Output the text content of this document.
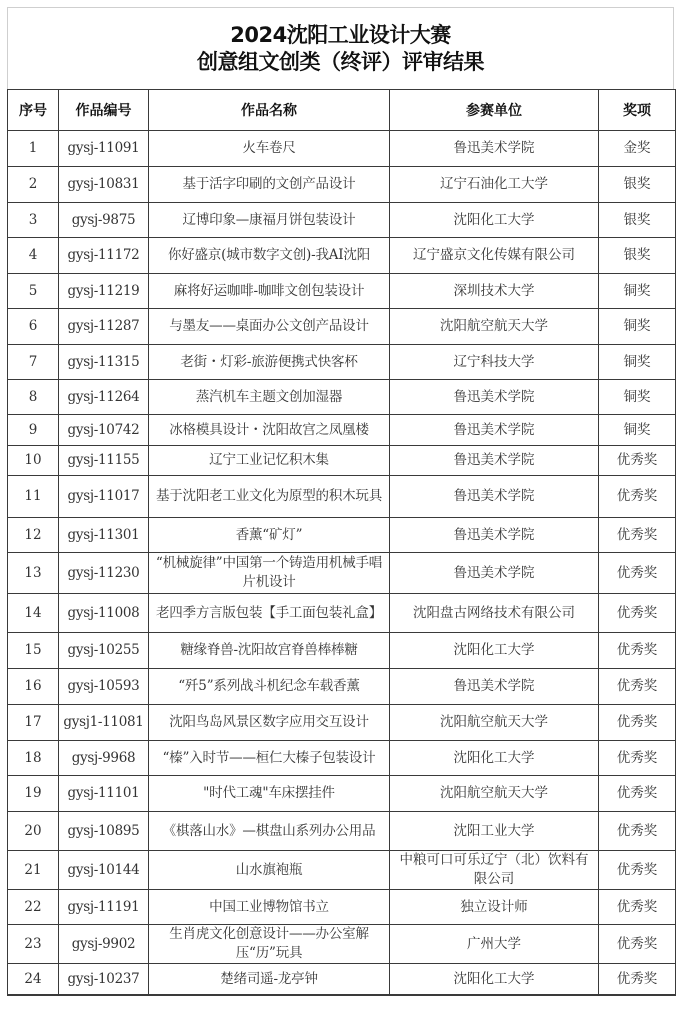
2024沈阳工业设计大赛
创意组文创类（终评）评审结果
序号	作品编号	作品名称	参赛单位	奖项
1	gysj-11091	火车卷尺	鲁迅美术学院	金奖
2	gysj-10831	基于活字印刷的文创产品设计	辽宁石油化工大学	银奖
3	gysj-9875	辽博印象—康福月饼包装设计	沈阳化工大学	银奖
4	gysj-11172	你好盛京(城市数字文创)-我AI沈阳	辽宁盛京文化传媒有限公司	银奖
5	gysj-11219	麻将好运咖啡-咖啡文创包装设计	深圳技术大学	铜奖
6	gysj-11287	与墨友——桌面办公文创产品设计	沈阳航空航天大学	铜奖
7	gysj-11315	老街・灯彩-旅游便携式快客杯	辽宁科技大学	铜奖
8	gysj-11264	蒸汽机车主题文创加湿器	鲁迅美术学院	铜奖
9	gysj-10742	冰格模具设计・沈阳故宫之凤凰楼	鲁迅美术学院	铜奖
10	gysj-11155	辽宁工业记忆积木集	鲁迅美术学院	优秀奖
11	gysj-11017	基于沈阳老工业文化为原型的积木玩具	鲁迅美术学院	优秀奖
12	gysj-11301	香薰“矿灯”	鲁迅美术学院	优秀奖
13	gysj-11230	“机械旋律”中国第一个铸造用机械手唱片机设计	鲁迅美术学院	优秀奖
14	gysj-11008	老四季方言版包装【手工面包装礼盒】	沈阳盘古网络技术有限公司	优秀奖
15	gysj-10255	糖缘脊兽-沈阳故宫脊兽棒棒糖	沈阳化工大学	优秀奖
16	gysj-10593	“歼5”系列战斗机纪念车载香薰	鲁迅美术学院	优秀奖
17	gysj1-11081	沈阳鸟岛风景区数字应用交互设计	沈阳航空航天大学	优秀奖
18	gysj-9968	“榛”入时节——桓仁大榛子包装设计	沈阳化工大学	优秀奖
19	gysj-11101	"时代工魂"车床摆挂件	沈阳航空航天大学	优秀奖
20	gysj-10895	《棋落山水》—棋盘山系列办公用品	沈阳工业大学	优秀奖
21	gysj-10144	山水旗袍瓶	中粮可口可乐辽宁（北）饮料有限公司	优秀奖
22	gysj-11191	中国工业博物馆书立	独立设计师	优秀奖
23	gysj-9902	生肖虎文化创意设计——办公室解压“历”玩具	广州大学	优秀奖
24	gysj-10237	楚绪司遥-龙亭钟	沈阳化工大学	优秀奖
